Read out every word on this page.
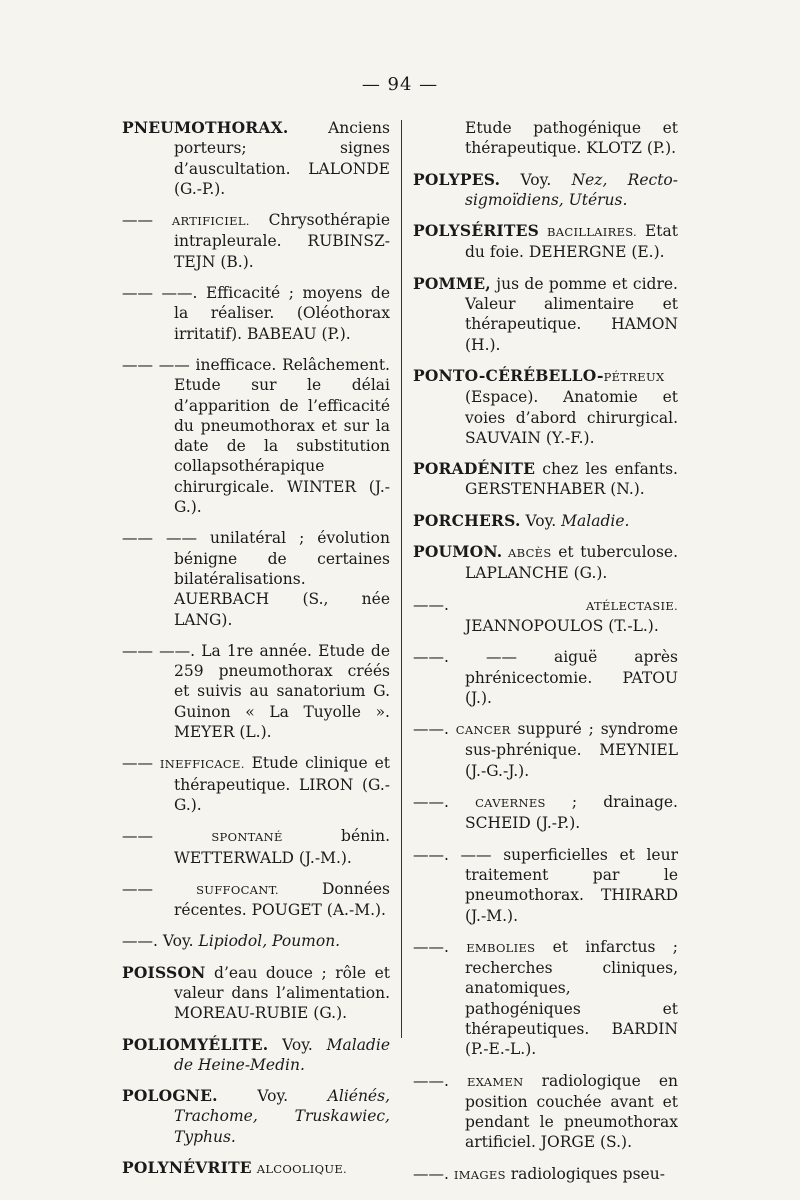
— 94 —

PNEUMOTHORAX. Anciens porteurs; signes d’auscultation. LALONDE (G.-P.).

—— ARTIFICIEL. Chrysothérapie intrapleurale. RUBINSZ-TEJN (B.).

—— ——. Efficacité ; moyens de la réaliser. (Oléothorax irritatif). BABEAU (P.).

—— —— inefficace. Relâchement. Etude sur le délai d’apparition de l’efficacité du pneumothorax et sur la date de la substitution collapsothérapique chirurgicale. WINTER (J.-G.).

—— —— unilatéral ; évolution bénigne de certaines bilatéralisations. AUERBACH (S., née LANG).

—— ——. La 1re année. Etude de 259 pneumothorax créés et suivis au sanatorium G. Guinon « La Tuyolle ». MEYER (L.).

—— INEFFICACE. Etude clinique et thérapeutique. LIRON (G.-G.).

——	SPONTANÉ bénin. WETTERWALD (J.-M.).

——	SUFFOCANT. Données récentes. POUGET (A.-M.).

——. Voy. Lipiodol, Poumon.

POISSON d’eau douce ; rôle et valeur dans l’alimentation. MOREAU-RUBIE (G.).

POLIOMYÉLITE. Voy. Maladie de Heine-Medin.

POLOGNE. Voy. Aliénés, Trachome, Truskawiec, Typhus.

POLYNÉVRITE ALCOOLIQUE.

Etude pathogénique et thérapeutique. KLOTZ (P.).

POLYPES. Voy. Nez, Recto-sigmoïdiens, Utérus.

POLYSÉRITES BACILLAIRES. Etat du foie. DEHERGNE (E.).

POMME, jus de pomme et cidre. Valeur alimentaire et thérapeutique. HAMON (H.).

PONTO-CÉRÉBELLO-PÉTREUX (Espace). Anatomie et voies d’abord chirurgical. SAUVAIN (Y.-F.).

PORADÉNITE chez les enfants. GERSTENHABER (N.).

PORCHERS. Voy. Maladie.

POUMON. ABCÈS et tuberculose. LAPLANCHE (G.).

——.	ATÉLECTASIE. JEANNOPOULOS (T.-L.).

——. —— aiguë après phrénicectomie. PATOU (J.).

——. CANCER suppuré ; syndrome sus-phrénique. MEYNIEL (J.-G.-J.).

——. CAVERNES ; drainage. SCHEID (J.-P.).

——. —— superficielles et leur traitement par le pneumothorax. THIRARD (J.-M.).

——. EMBOLIES et infarctus ; recherches cliniques, anatomiques, pathogéniques et thérapeutiques. BARDIN (P.-E.-L.).

——. EXAMEN radiologique en position couchée avant et pendant le pneumothorax artificiel. JORGE (S.).

——. IMAGES radiologiques pseu-
